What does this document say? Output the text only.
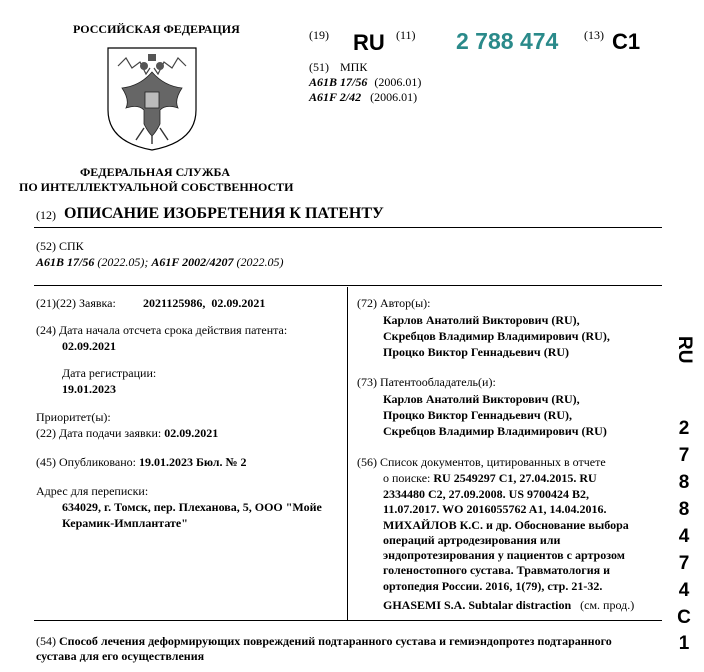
РОССИЙСКАЯ ФЕДЕРАЦИЯ
ФЕДЕРАЛЬНАЯ СЛУЖБА
ПО ИНТЕЛЛЕКТУАЛЬНОЙ СОБСТВЕННОСТИ
(19) RU (11) 2 788 474 (13) C1
(51) МПК
A61B 17/56 (2006.01)
A61F 2/42 (2006.01)
(12) ОПИСАНИЕ ИЗОБРЕТЕНИЯ К ПАТЕНТУ
(52) СПК
A61B 17/56 (2022.05); A61F 2002/4207 (2022.05)
(21)(22) Заявка: 2021125986,  02.09.2021
(24) Дата начала отсчета срока действия патента:
02.09.2021
Дата регистрации:
19.01.2023
Приоритет(ы):
(22) Дата подачи заявки: 02.09.2021
(45) Опубликовано: 19.01.2023 Бюл. № 2
Адрес для переписки:
634029, г. Томск, пер. Плеханова, 5, ООО "Мойе
Керамик-Имплантате"
(72) Автор(ы):
Карлов Анатолий Викторович (RU),
Скребцов Владимир Владимирович (RU),
Процко Виктор Геннадьевич (RU)
(73) Патентообладатель(и):
Карлов Анатолий Викторович (RU),
Процко Виктор Геннадьевич (RU),
Скребцов Владимир Владимирович (RU)
(56) Список документов, цитированных в отчете
о поиске: RU 2549297 C1, 27.04.2015. RU
2334480 C2, 27.09.2008. US 9700424 B2,
11.07.2017. WO 2016055762 A1, 14.04.2016.
МИХАЙЛОВ К.С. и др. Обоснование выбора
операций артродезирования или
эндопротезирования у пациентов с артрозом
голеностопного сустава. Травматология и
ортопедия России. 2016, 1(79), стр. 21-32.
GHASEMI S.A. Subtalar distraction (см. прод.)
(54) Способ лечения деформирующих повреждений подтаранного сустава и гемиэндопротез подтаранного
сустава для его осуществления
RU
2
7
8
8
4
7
4
C
1
